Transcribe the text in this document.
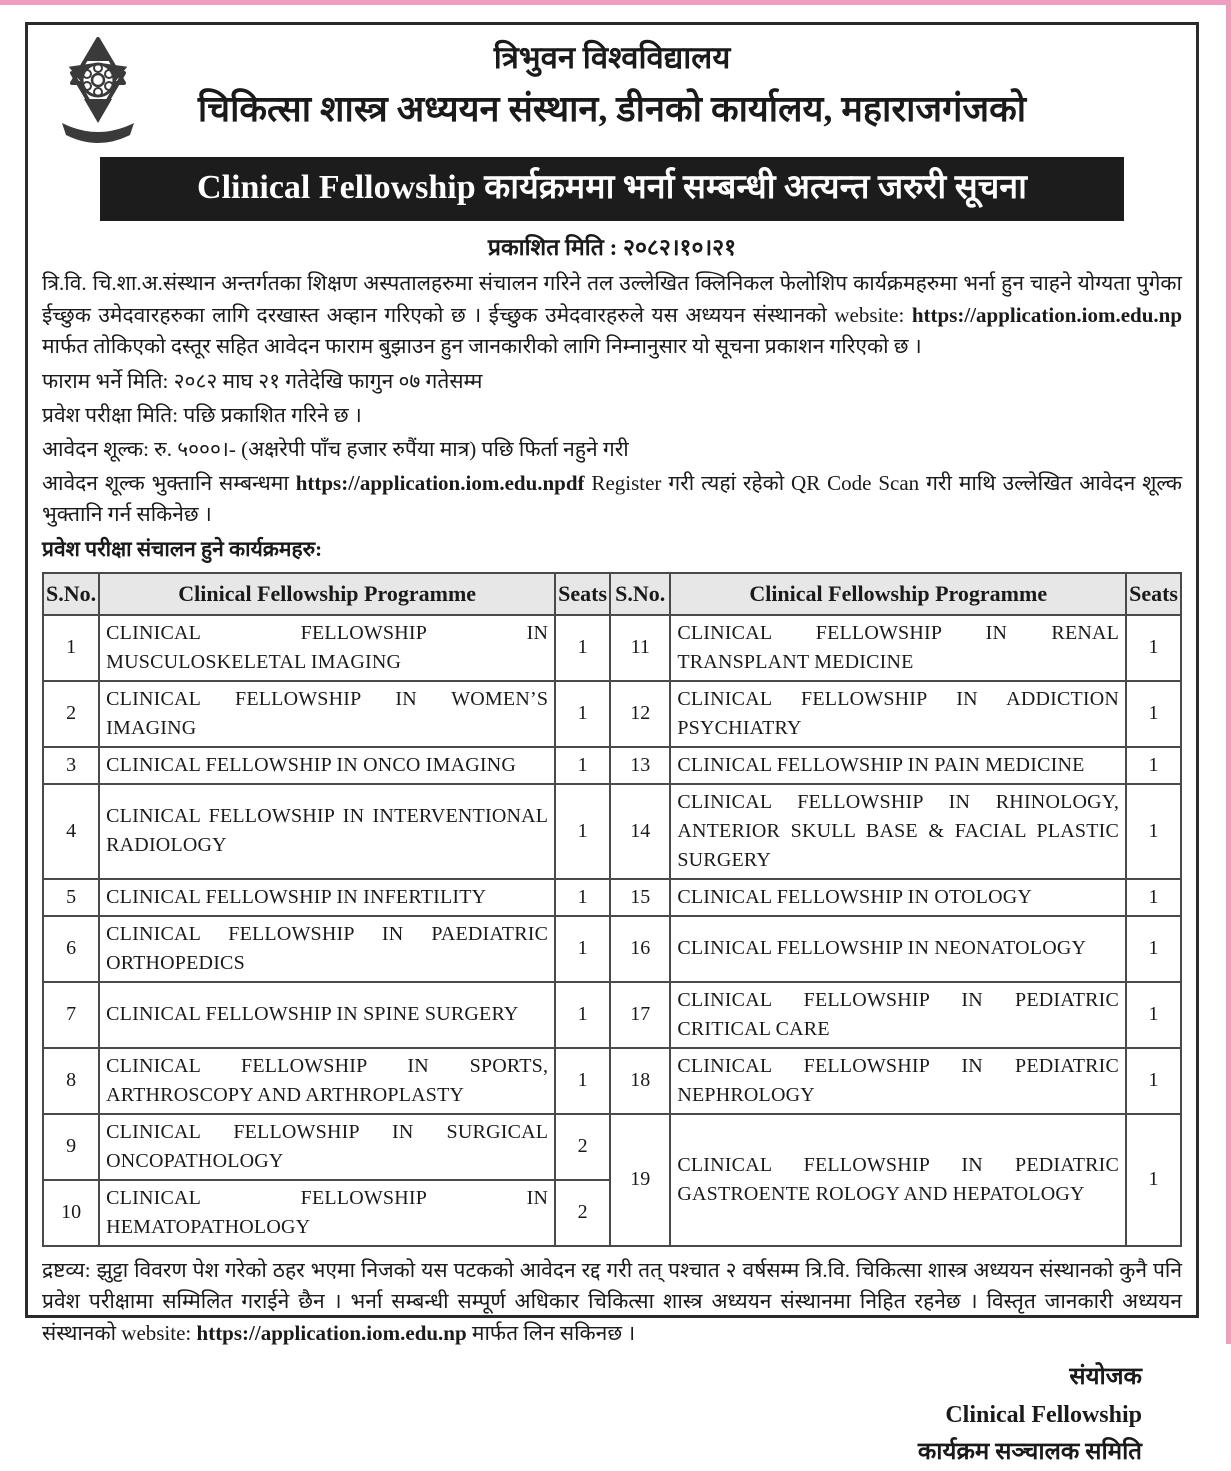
त्रिभुवन विश्वविद्यालय
चिकित्सा शास्त्र अध्ययन संस्थान, डीनको कार्यालय, महाराजगंजको
Clinical Fellowship कार्यक्रममा भर्ना सम्बन्धी अत्यन्त जरुरी सूचना
प्रकाशित मिति : २०८२।१०।२१
त्रि.वि. चि.शा.अ.संस्थान अन्तर्गतका शिक्षण अस्पतालहरुमा संचालन गरिने तल उल्लेखित क्लिनिकल फेलोशिप कार्यक्रमहरुमा भर्ना हुन चाहने योग्यता पुगेका ईच्छुक उमेदवारहरुका लागि दरखास्त अव्हान गरिएको छ । ईच्छुक उमेदवारहरुले यस अध्ययन संस्थानको website: https://application.iom.edu.np मार्फत तोकिएको दस्तूर सहित आवेदन फाराम बुझाउन हुन जानकारीको लागि निम्नानुसार यो सूचना प्रकाशन गरिएको छ ।
फाराम भर्ने मिति: २०८२ माघ २१ गतेदेखि फागुन ०७ गतेसम्म
प्रवेश परीक्षा मिति: पछि प्रकाशित गरिने छ ।
आवेदन शूल्क: रु. ५०००।- (अक्षरेपी पाँच हजार रुपैंया मात्र) पछि फिर्ता नहुने गरी
आवेदन शूल्क भुक्तानि सम्बन्धमा https://application.iom.edu.npdf Register गरी त्यहां रहेको QR Code Scan गरी माथि उल्लेखित आवेदन शूल्क भुक्तानि गर्न सकिनेछ ।
प्रवेश परीक्षा संचालन हुने कार्यक्रमहरु:
S.No.	Clinical Fellowship Programme	Seats	S.No.	Clinical Fellowship Programme	Seats
1	CLINICAL FELLOWSHIP IN MUSCULOSKELETAL IMAGING	1	11	CLINICAL FELLOWSHIP IN RENAL TRANSPLANT MEDICINE	1
2	CLINICAL FELLOWSHIP IN WOMEN’S IMAGING	1	12	CLINICAL FELLOWSHIP IN ADDICTION PSYCHIATRY	1
3	CLINICAL FELLOWSHIP IN ONCO IMAGING	1	13	CLINICAL FELLOWSHIP IN PAIN MEDICINE	1
4	CLINICAL FELLOWSHIP IN INTERVENTIONAL RADIOLOGY	1	14	CLINICAL FELLOWSHIP IN RHINOLOGY, ANTERIOR SKULL BASE & FACIAL PLASTIC SURGERY	1
5	CLINICAL FELLOWSHIP IN INFERTILITY	1	15	CLINICAL FELLOWSHIP IN OTOLOGY	1
6	CLINICAL FELLOWSHIP IN PAEDIATRIC ORTHOPEDICS	1	16	CLINICAL FELLOWSHIP IN NEONATOLOGY	1
7	CLINICAL FELLOWSHIP IN SPINE SURGERY	1	17	CLINICAL FELLOWSHIP IN PEDIATRIC CRITICAL CARE	1
8	CLINICAL FELLOWSHIP IN SPORTS, ARTHROSCOPY AND ARTHROPLASTY	1	18	CLINICAL FELLOWSHIP IN PEDIATRIC NEPHROLOGY	1
9	CLINICAL FELLOWSHIP IN SURGICAL ONCOPATHOLOGY	2	19	CLINICAL FELLOWSHIP IN PEDIATRIC GASTROENTE ROLOGY AND HEPATOLOGY	1
10	CLINICAL FELLOWSHIP IN HEMATOPATHOLOGY	2			
द्रष्टव्य: झुट्टा विवरण पेश गरेको ठहर भएमा निजको यस पटकको आवेदन रद्द गरी तत् पश्चात २ वर्षसम्म त्रि.वि. चिकित्सा शास्त्र अध्ययन संस्थानको कुनै पनि प्रवेश परीक्षामा सम्मिलित गराईने छैन । भर्ना सम्बन्धी सम्पूर्ण अधिकार चिकित्सा शास्त्र अध्ययन संस्थानमा निहित रहनेछ । विस्तृत जानकारी अध्ययन संस्थानको website: https://application.iom.edu.np मार्फत लिन सकिनछ ।
संयोजक
Clinical Fellowship
कार्यक्रम सञ्चालक समिति
